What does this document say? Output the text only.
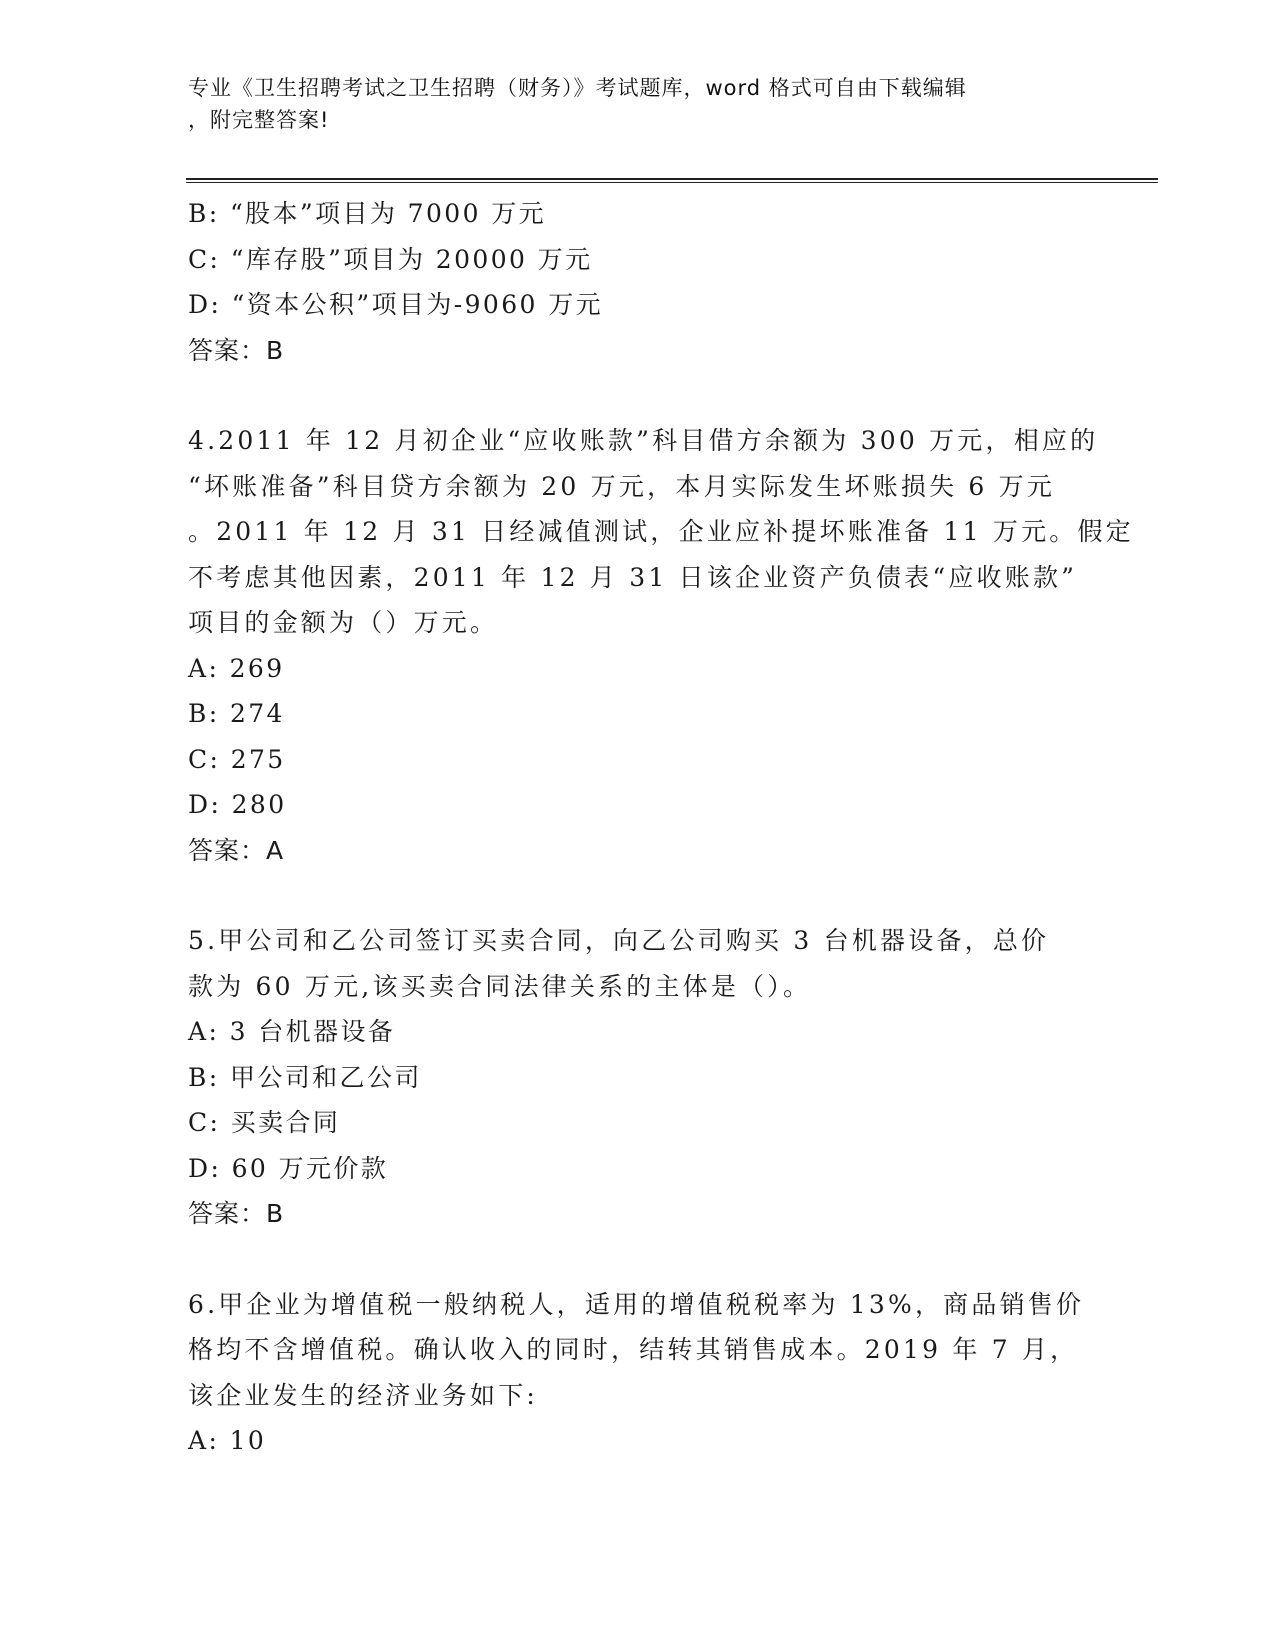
专业《卫生招聘考试之卫生招聘（财务）》考试题库，word 格式可自由下载编辑
，附完整答案!
B: “股本”项目为 7000 万元
C: “库存股”项目为 20000 万元
D: “资本公积”项目为-9060 万元
答案：B
4.2011 年 12 月初企业“应收账款”科目借方余额为 300 万元，相应的
“坏账准备”科目贷方余额为 20 万元，本月实际发生坏账损失 6 万元
。2011 年 12 月 31 日经减值测试，企业应补提坏账准备 11 万元。假定
不考虑其他因素，2011 年 12 月 31 日该企业资产负债表“应收账款”
项目的金额为（）万元。
A: 269
B: 274
C: 275
D: 280
答案：A
5.甲公司和乙公司签订买卖合同，向乙公司购买 3 台机器设备，总价
款为 60 万元,该买卖合同法律关系的主体是（）。
A: 3 台机器设备
B: 甲公司和乙公司
C: 买卖合同
D: 60 万元价款
答案：B
6.甲企业为增值税一般纳税人，适用的增值税税率为 13%，商品销售价
格均不含增值税。确认收入的同时，结转其销售成本。2019 年 7 月，
该企业发生的经济业务如下:
A: 10
